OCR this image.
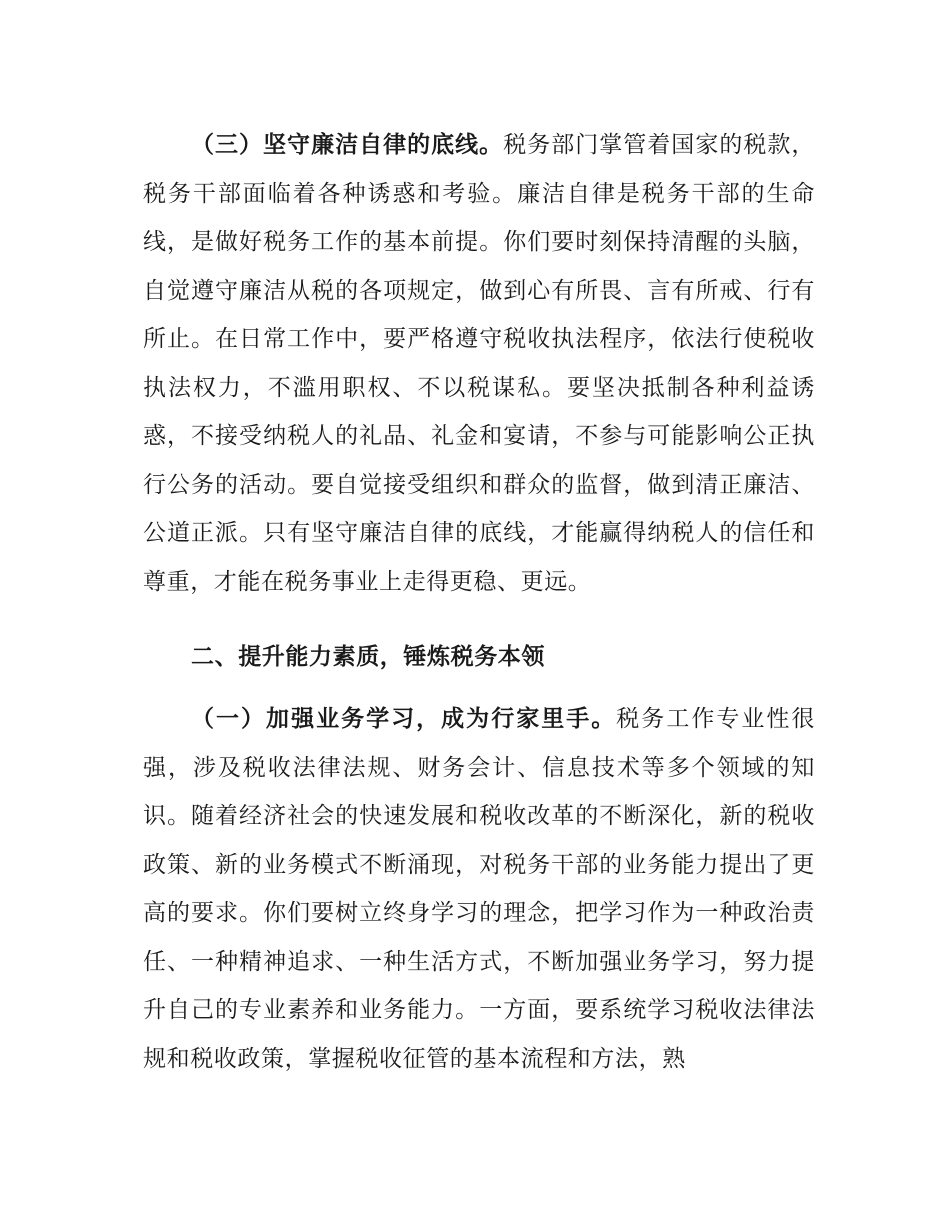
（三）坚守廉洁自律的底线。税务部门掌管着国家的税款，税务干部面临着各种诱惑和考验。廉洁自律是税务干部的生命线，是做好税务工作的基本前提。你们要时刻保持清醒的头脑，自觉遵守廉洁从税的各项规定，做到心有所畏、言有所戒、行有所止。在日常工作中，要严格遵守税收执法程序，依法行使税收执法权力，不滥用职权、不以税谋私。要坚决抵制各种利益诱惑，不接受纳税人的礼品、礼金和宴请，不参与可能影响公正执行公务的活动。要自觉接受组织和群众的监督，做到清正廉洁、公道正派。只有坚守廉洁自律的底线，才能赢得纳税人的信任和尊重，才能在税务事业上走得更稳、更远。

二、提升能力素质，锤炼税务本领

（一）加强业务学习，成为行家里手。税务工作专业性很强，涉及税收法律法规、财务会计、信息技术等多个领域的知识。随着经济社会的快速发展和税收改革的不断深化，新的税收政策、新的业务模式不断涌现，对税务干部的业务能力提出了更高的要求。你们要树立终身学习的理念，把学习作为一种政治责任、一种精神追求、一种生活方式，不断加强业务学习，努力提升自己的专业素养和业务能力。一方面，要系统学习税收法律法规和税收政策，掌握税收征管的基本流程和方法，熟
